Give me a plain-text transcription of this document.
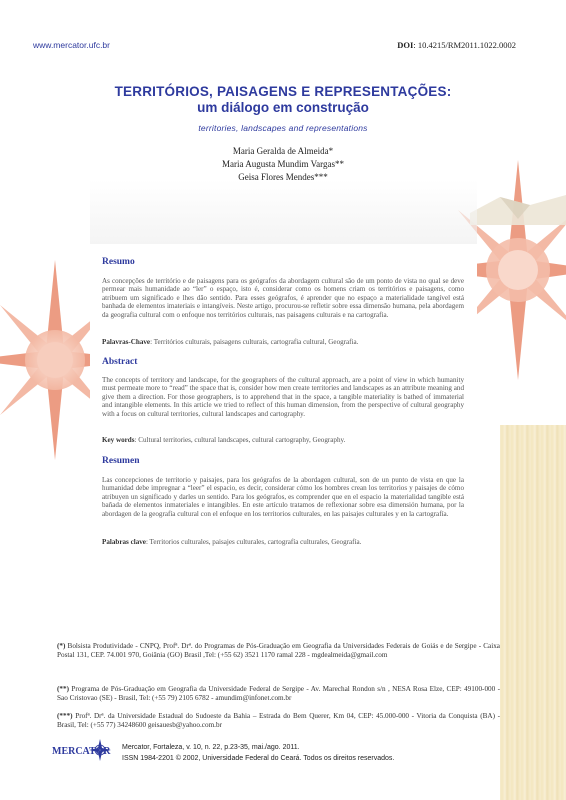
www.mercator.ufc.br	DOI: 10.4215/RM2011.1022.0002
TERRITÓRIOS, PAISAGENS E REPRESENTAÇÕES:
um diálogo em construção
territories, landscapes and representations
Maria Geralda de Almeida*
Maria Augusta Mundim Vargas**
Geisa Flores Mendes***
Resumo
As concepções de território e de paisagens para os geógrafos da abordagem cultural são de um ponto de vista no qual se deve permear mais humanidade ao “ler” o espaço, isto é, considerar como os homens criam os territórios e paisagens, como atribuem um significado e lhes dão sentido. Para esses geógrafos, é aprender que no espaço a materialidade tangível está banhada de elementos imateriais e intangíveis. Neste artigo, procurou-se refletir sobre essa dimensão humana, pela abordagem da geografia cultural com o enfoque nos territórios culturais, nas paisagens culturais e na cartografia.
Palavras-Chave: Territórios culturais, paisagens culturais, cartografia cultural, Geografia.
Abstract
The concepts of territory and landscape, for the geographers of the cultural approach, are a point of view in which humanity must permeate more to “read” the space that is, consider how men create territories and landscapes as an attribute meaning and give them a direction. For those geographers, is to apprehend that in the space, a tangible materiality is bathed of immaterial and intangible elements. In this article we tried to reflect of this human dimension, from the perspective of cultural geography with a focus on cultural territories, cultural landscapes and cartography.
Key words: Cultural territories, cultural landscapes, cultural cartography, Geography.
Resumen
Las concepciones de territorio y paisajes, para los geógrafos de la abordagen cultural, son de un punto de vista en que la humanidad debe impregnar a “leer” el espacio, es decir, considerar cómo los hombres crean los territorios y paisajes de cómo atribuyen un significado y darles un sentido. Para los geógrafos, es comprender que en el espacio la materialidad tangible está bañada de elementos inmateriales e intangibles. En este artículo tratamos de reflexionar sobre esa dimensión humana, por la abordagen de la geografía cultural con el enfoque en los territorios culturales, en las paisajes culturales y en la cartografía.
Palabras clave: Territorios culturales, paisajes culturales, cartografía culturales, Geografía.
(*) Bolsista Produtividade - CNPQ, Profª. Drª. do Programas de Pós-Graduação em Geografia da Universidades Federais de Goiás e de Sergipe - Caixa Postal 131, CEP. 74.001 970, Goiânia (GO) Brasil ,Tel: (+55 62) 3521 1170 ramal 228 - mgdealmeida@gmail.com
(**) Programa de Pós-Graduação em Geografia da Universidade Federal de Sergipe - Av. Marechal Rondon s/n , NESA Rosa Elze, CEP: 49100-000 - Sao Cristovao (SE) - Brasil, Tel: (+55 79) 2105 6782 - amundim@infonet.com.br
(***) Profª. Drª. da Universidade Estadual do Sudoeste da Bahia – Estrada do Bem Querer, Km 04, CEP: 45.000-000 - Vitoria da Conquista (BA) - Brasil, Tel: (+55 77) 34248600 geisauesb@yahoo.com.br
MERCATOR Mercator, Fortaleza, v. 10, n. 22, p.23-35, mai./ago. 2011.
ISSN 1984-2201 © 2002, Universidade Federal do Ceará. Todos os direitos reservados.
